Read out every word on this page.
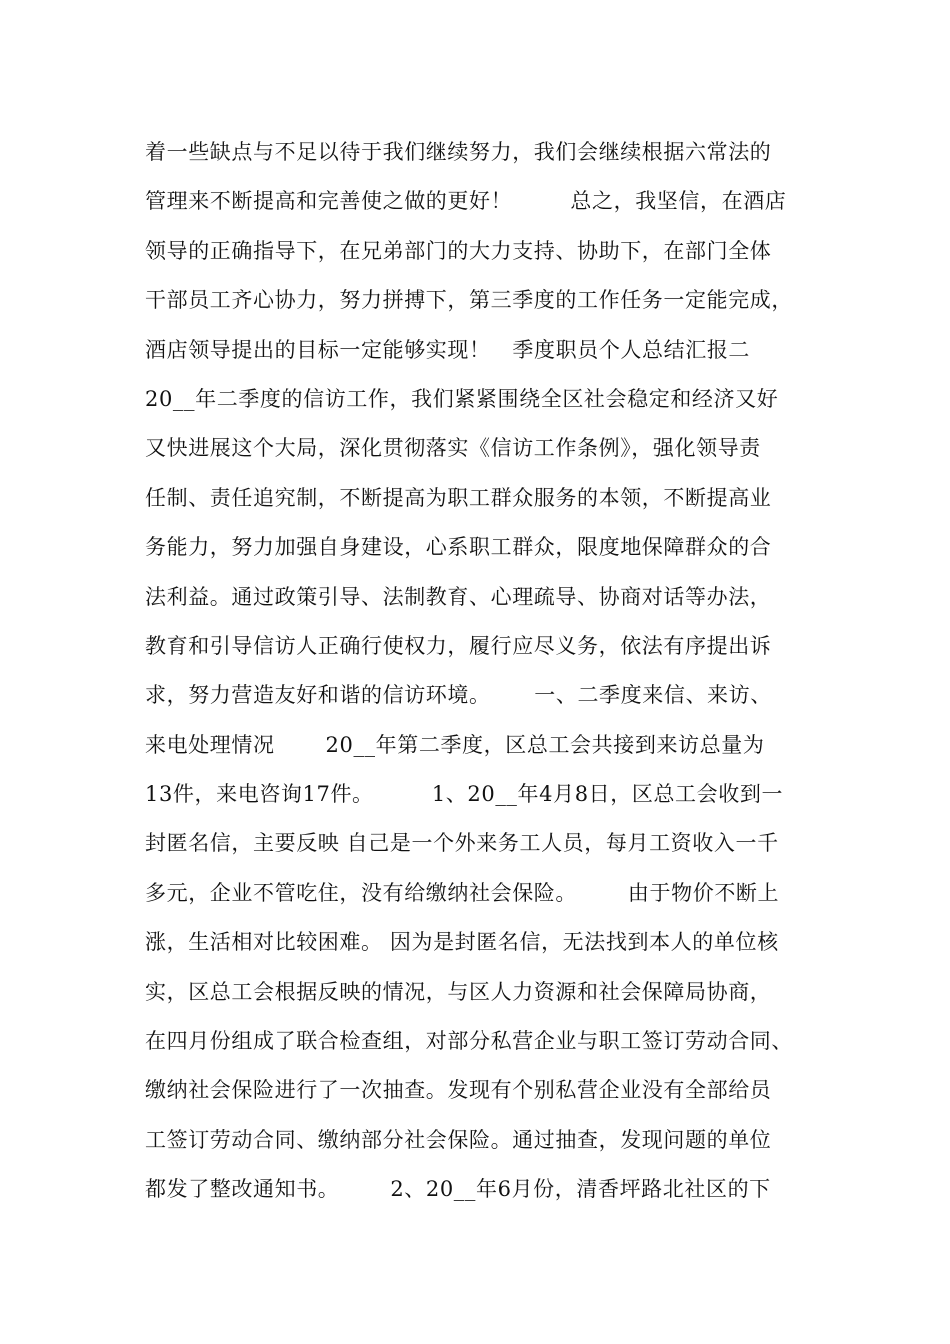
着一些缺点与不足以待于我们继续努力，我们会继续根据六常法的
管理来不断提高和完善使之做的更好！        总之，我坚信，在酒店
领导的正确指导下，在兄弟部门的大力支持、协助下，在部门全体
干部员工齐心协力，努力拼搏下，第三季度的工作任务一定能完成，
酒店领导提出的目标一定能够实现！   季度职员个人总结汇报二
20__年二季度的信访工作，我们紧紧围绕全区社会稳定和经济又好
又快进展这个大局，深化贯彻落实《信访工作条例》，强化领导责
任制、责任追究制，不断提高为职工群众服务的本领，不断提高业
务能力，努力加强自身建设，心系职工群众，限度地保障群众的合
法利益。通过政策引导、法制教育、心理疏导、协商对话等办法，
教育和引导信访人正确行使权力，履行应尽义务，依法有序提出诉
求，努力营造友好和谐的信访环境。      一、二季度来信、来访、
来电处理情况       20__年第二季度，区总工会共接到来访总量为
13件，来电咨询17件。        1、20__年4月8日，区总工会收到一
封匿名信，主要反映 自己是一个外来务工人员，每月工资收入一千
多元，企业不管吃住，没有给缴纳社会保险。       由于物价不断上
涨，生活相对比较困难。 因为是封匿名信，无法找到本人的单位核
实，区总工会根据反映的情况，与区人力资源和社会保障局协商，
在四月份组成了联合检查组，对部分私营企业与职工签订劳动合同、
缴纳社会保险进行了一次抽查。发现有个别私营企业没有全部给员
工签订劳动合同、缴纳部分社会保险。通过抽查，发现问题的单位
都发了整改通知书。       2、20__年6月份，清香坪路北社区的下
